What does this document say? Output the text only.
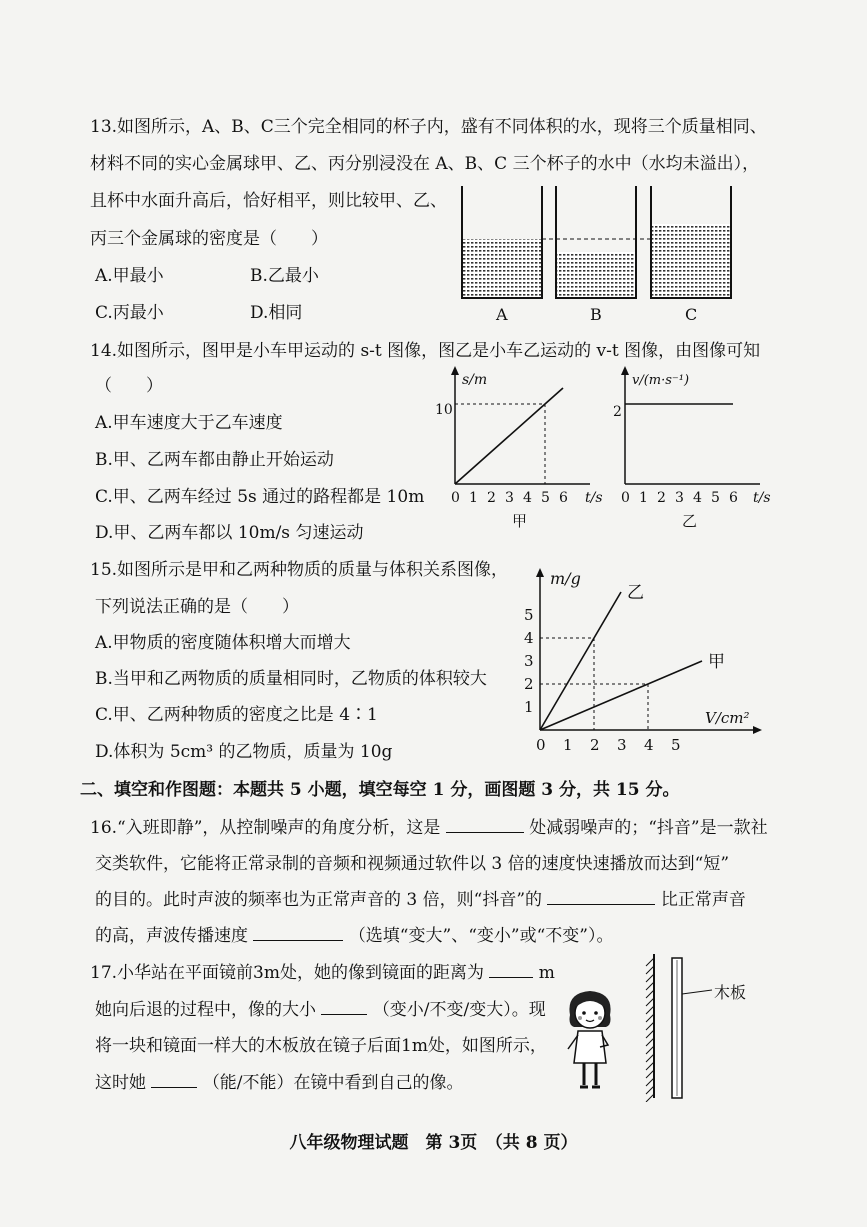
13.如图所示，A、B、C三个完全相同的杯子内，盛有不同体积的水，现将三个质量相同、
材料不同的实心金属球甲、乙、丙分别浸没在 A、B、C 三个杯子的水中（水均未溢出），
且杯中水面升高后，恰好相平，则比较甲、乙、
丙三个金属球的密度是（　　）
A.甲最小	B.乙最小
C.丙最小	D.相同	A	B	C
14.如图所示，图甲是小车甲运动的 s-t 图像，图乙是小车乙运动的 v-t 图像，由图像可知
（　　）
A.甲车速度大于乙车速度
B.甲、乙两车都由静止开始运动
C.甲、乙两车经过 5s 通过的路程都是 10m
D.甲、乙两车都以 10m/s 匀速运动
s/m
t/s
10
0 1 2 3 4 5 6
甲
v/(m·s⁻¹)
t/s
2
0 1 2 3 4 5 6
乙
15.如图所示是甲和乙两种物质的质量与体积关系图像，
下列说法正确的是（　　）
A.甲物质的密度随体积增大而增大
B.当甲和乙两物质的质量相同时，乙物质的体积较大
C.甲、乙两种物质的密度之比是 4∶1
D.体积为 5cm³ 的乙物质，质量为 10g
m/g
V/cm²
0 1 2 3 4 5
1
2
3
4
5
乙
甲
二、填空和作图题：本题共 5 小题，填空每空 1 分，画图题 3 分，共 15 分。
16.“入班即静”，从控制噪声的角度分析，这是	处减弱噪声的；“抖音”是一款社
交类软件，它能将正常录制的音频和视频通过软件以 3 倍的速度快速播放而达到“短”
的目的。此时声波的频率也为正常声音的 3 倍，则“抖音”的	比正常声音
的高，声波传播速度	（选填“变大”、“变小”或“不变”）。
17.小华站在平面镜前3m处，她的像到镜面的距离为	m
她向后退的过程中，像的大小	（变小/不变/变大）。现
将一块和镜面一样大的木板放在镜子后面1m处，如图所示，
这时她	（能/不能）在镜中看到自己的像。
木板
八年级物理试题　第 3页　（共 8 页）
